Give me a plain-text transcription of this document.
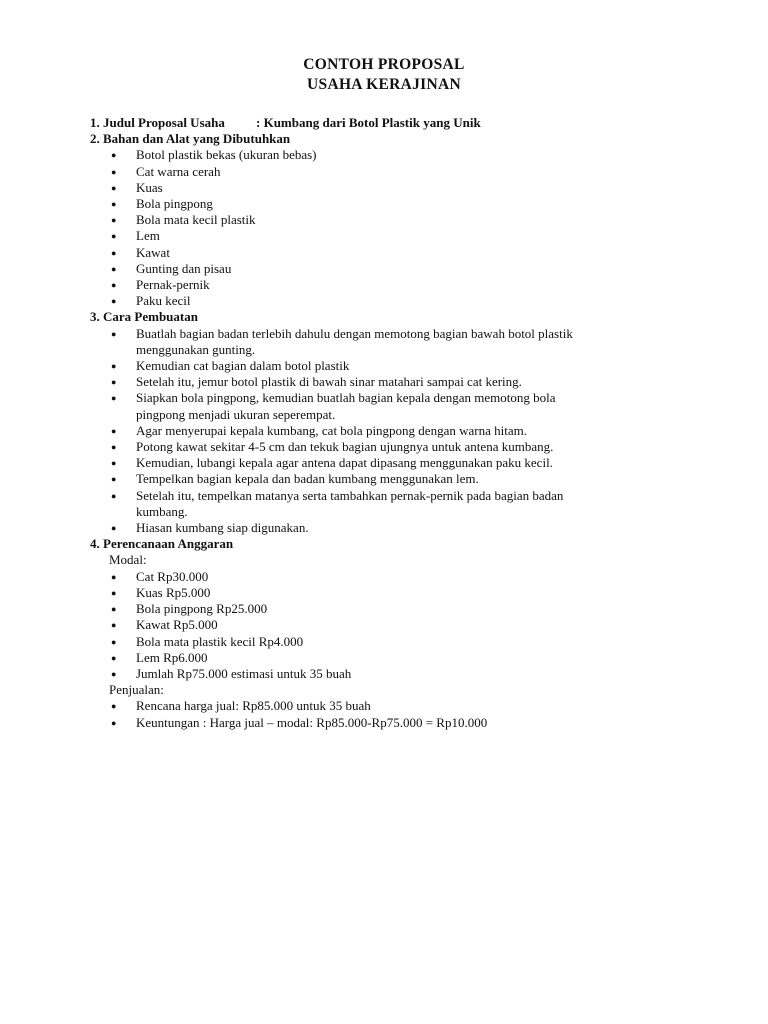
CONTOH PROPOSAL
USAHA KERAJINAN
1. Judul Proposal Usaha : Kumbang dari Botol Plastik yang Unik
2. Bahan dan Alat yang Dibutuhkan
● Botol plastik bekas (ukuran bebas)
● Cat warna cerah
● Kuas
● Bola pingpong
● Bola mata kecil plastik
● Lem
● Kawat
● Gunting dan pisau
● Pernak-pernik
● Paku kecil
3. Cara Pembuatan
● Buatlah bagian badan terlebih dahulu dengan memotong bagian bawah botol plastik
menggunakan gunting.
● Kemudian cat bagian dalam botol plastik
● Setelah itu, jemur botol plastik di bawah sinar matahari sampai cat kering.
● Siapkan bola pingpong, kemudian buatlah bagian kepala dengan memotong bola
pingpong menjadi ukuran seperempat.
● Agar menyerupai kepala kumbang, cat bola pingpong dengan warna hitam.
● Potong kawat sekitar 4-5 cm dan tekuk bagian ujungnya untuk antena kumbang.
● Kemudian, lubangi kepala agar antena dapat dipasang menggunakan paku kecil.
● Tempelkan bagian kepala dan badan kumbang menggunakan lem.
● Setelah itu, tempelkan matanya serta tambahkan pernak-pernik pada bagian badan
kumbang.
● Hiasan kumbang siap digunakan.
4. Perencanaan Anggaran
Modal:
● Cat Rp30.000
● Kuas Rp5.000
● Bola pingpong Rp25.000
● Kawat Rp5.000
● Bola mata plastik kecil Rp4.000
● Lem Rp6.000
● Jumlah Rp75.000 estimasi untuk 35 buah
Penjualan:
● Rencana harga jual: Rp85.000 untuk 35 buah
● Keuntungan : Harga jual – modal: Rp85.000-Rp75.000 = Rp10.000
